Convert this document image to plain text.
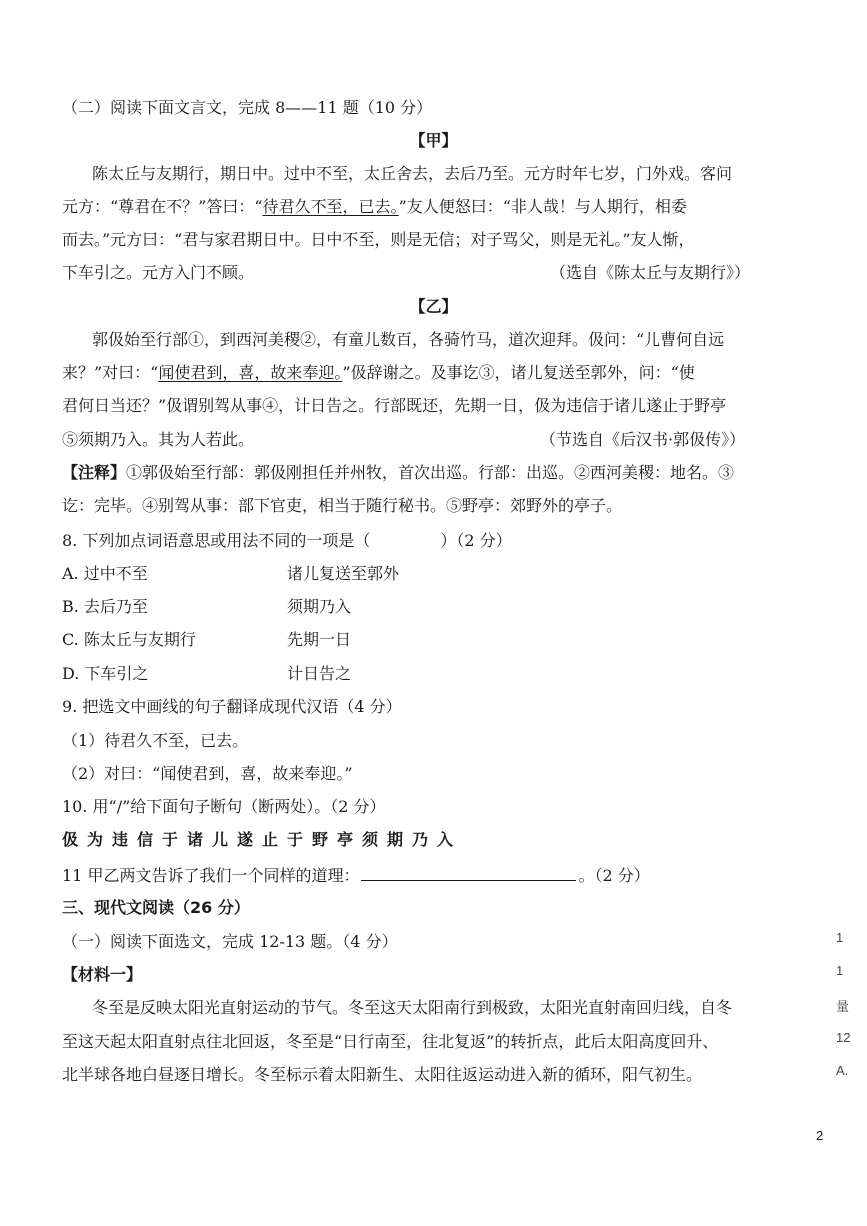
（二）阅读下面文言文，完成 8——11 题（10 分）
【甲】
陈太丘与友期行，期日中。过中不至，太丘舍去，去后乃至。元方时年七岁，门外戏。客问
元方：“尊君在不？”答曰：“待君久不至，已去。”友人便怒曰：“非人哉！与人期行，相委
而去。”元方曰：“君与家君期日中。日中不至，则是无信；对子骂父，则是无礼。”友人惭，
下车引之。元方入门不顾。	（选自《陈太丘与友期行》）
【乙】
郭伋始至行部①，到西河美稷②，有童儿数百，各骑竹马，道次迎拜。伋问：“儿曹何自远
来？”对曰：“闻使君到，喜，故来奉迎。”伋辞谢之。及事讫③，诸儿复送至郭外，问：“使
君何日当还？”伋谓别驾从事④，计日告之。行部既还，先期一日，伋为违信于诸儿遂止于野亭
⑤须期乃入。其为人若此。	（节选自《后汉书·郭伋传》）
【注释】①郭伋始至行部：郭伋刚担任并州牧，首次出巡。行部：出巡。②西河美稷：地名。③
讫：完毕。④别驾从事：部下官吏，相当于随行秘书。⑤野亭：郊野外的亭子。
8. 下列加点词语意思或用法不同的一项是（	）（2 分）
A. 过中不至	诸儿复送至郭外
B. 去后乃至	须期乃入
C. 陈太丘与友期行	先期一日
D. 下车引之	计日告之
9. 把选文中画线的句子翻译成现代汉语（4 分）
（1）待君久不至，已去。
（2）对曰：“闻使君到，喜，故来奉迎。”
10. 用“/”给下面句子断句（断两处）。（2 分）
伋为违信于诸儿遂止于野亭须期乃入
11 甲乙两文告诉了我们一个同样的道理：	。（2 分）
三、现代文阅读（26 分）
（一）阅读下面选文，完成 12-13 题。（4 分）
【材料一】
冬至是反映太阳光直射运动的节气。冬至这天太阳南行到极致，太阳光直射南回归线，自冬
至这天起太阳直射点往北回返，冬至是“日行南至，往北复返”的转折点，此后太阳高度回升、
北半球各地白昼逐日增长。冬至标示着太阳新生、太阳往返运动进入新的循环，阳气初生。
1
1
量
12
A.
2
